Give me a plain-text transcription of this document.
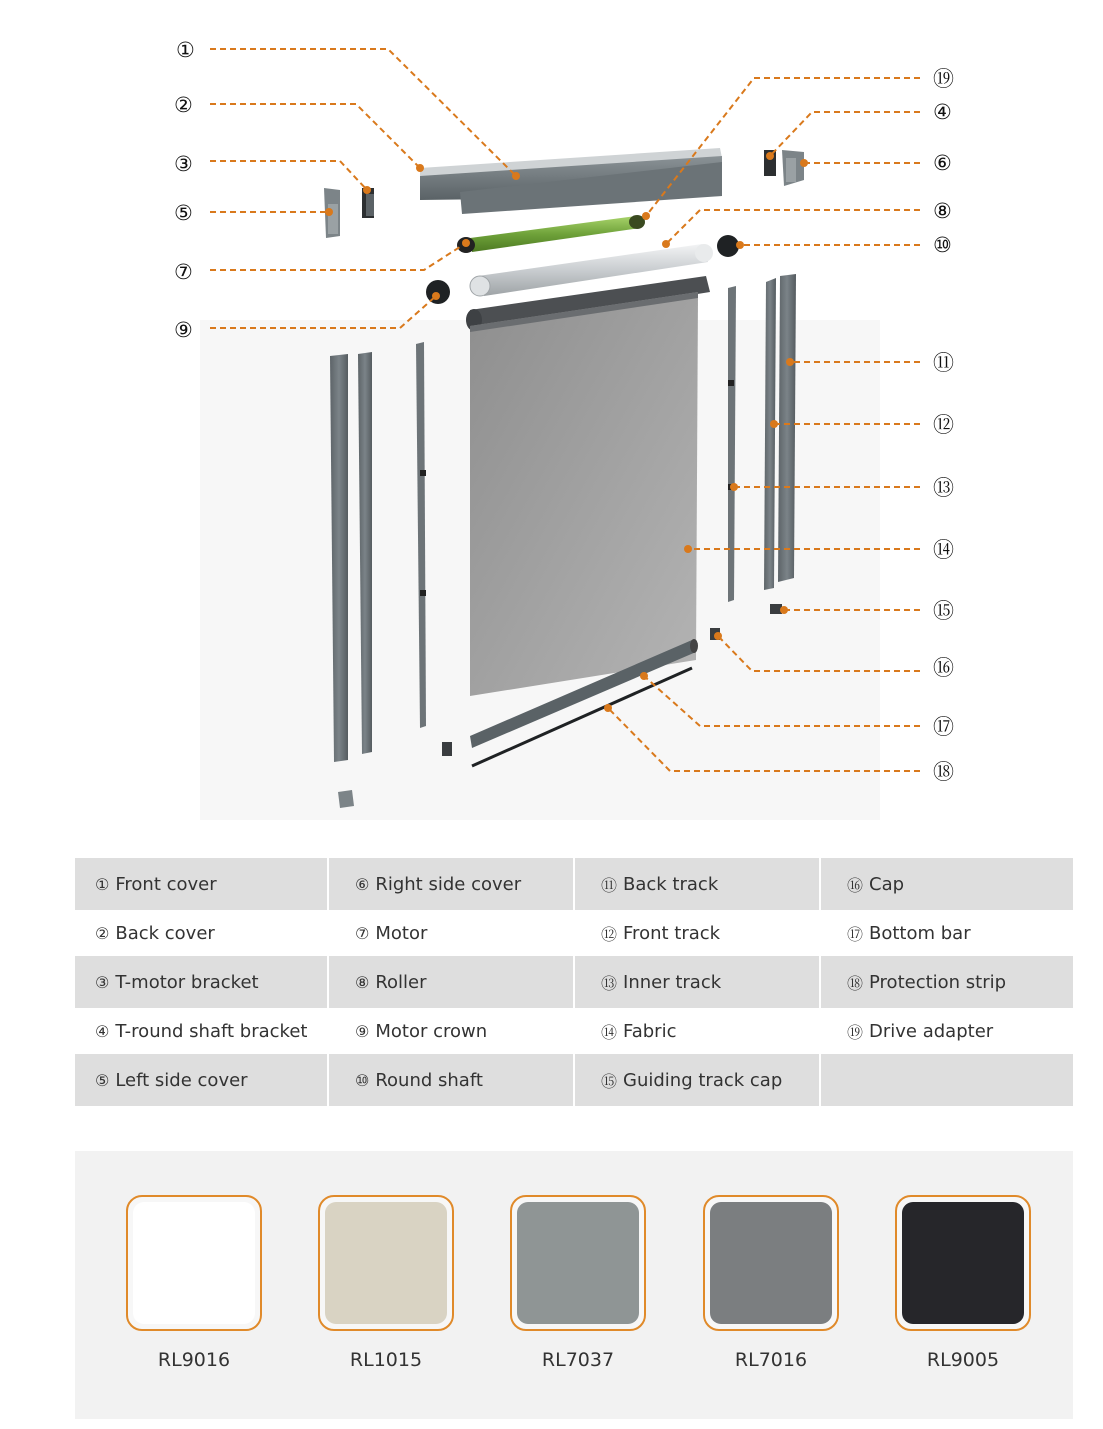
①
②
③
⑤
⑦
⑨
⑲
④
⑥
⑧
⑩
⑪
⑫
⑬
⑭
⑮
⑯
⑰
⑱
① Front cover	⑥ Right side cover	⑪ Back track	⑯ Cap
② Back cover	⑦ Motor	⑫ Front track	⑰ Bottom bar
③ T-motor bracket	⑧ Roller	⑬ Inner track	⑱ Protection strip
④ T-round shaft bracket	⑨ Motor crown	⑭ Fabric	⑲ Drive adapter
⑤ Left side cover	⑩ Round shaft	⑮ Guiding track cap
RL9016	RL1015	RL7037	RL7016	RL9005
